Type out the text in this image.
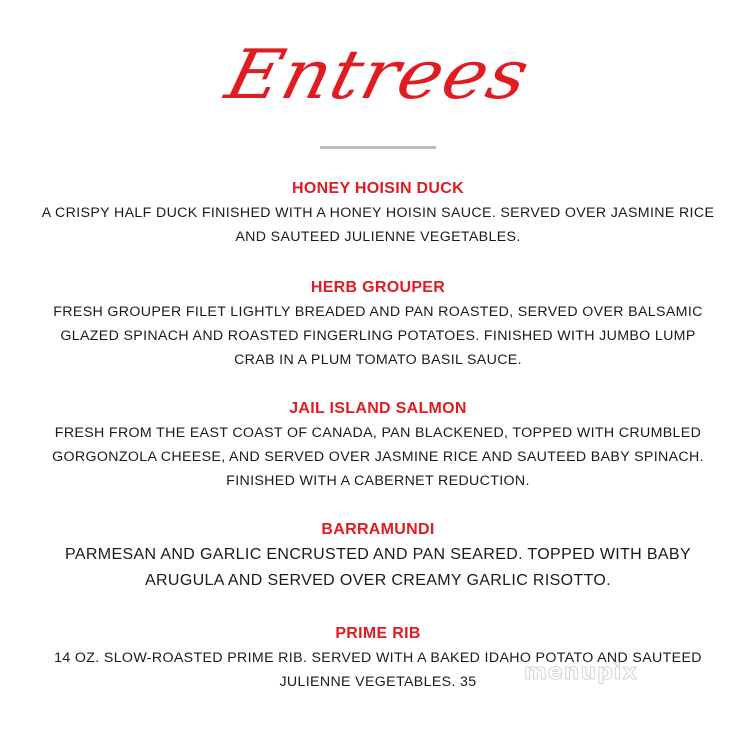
Entrees
HONEY HOISIN DUCK
A CRISPY HALF DUCK FINISHED WITH A HONEY HOISIN SAUCE. SERVED OVER JASMINE RICE AND SAUTEED JULIENNE VEGETABLES.
HERB GROUPER
FRESH GROUPER FILET LIGHTLY BREADED AND PAN ROASTED, SERVED OVER BALSAMIC GLAZED SPINACH AND ROASTED FINGERLING POTATOES. FINISHED WITH JUMBO LUMP CRAB IN A PLUM TOMATO BASIL SAUCE.
JAIL ISLAND SALMON
FRESH FROM THE EAST COAST OF CANADA, PAN BLACKENED, TOPPED WITH CRUMBLED GORGONZOLA CHEESE, AND SERVED OVER JASMINE RICE AND SAUTEED BABY SPINACH. FINISHED WITH A CABERNET REDUCTION.
BARRAMUNDI
PARMESAN AND GARLIC ENCRUSTED AND PAN SEARED. TOPPED WITH BABY ARUGULA AND SERVED OVER CREAMY GARLIC RISOTTO.
PRIME RIB
14 OZ. SLOW-ROASTED PRIME RIB. SERVED WITH A BAKED IDAHO POTATO AND SAUTEED JULIENNE VEGETABLES. 35	menupix
